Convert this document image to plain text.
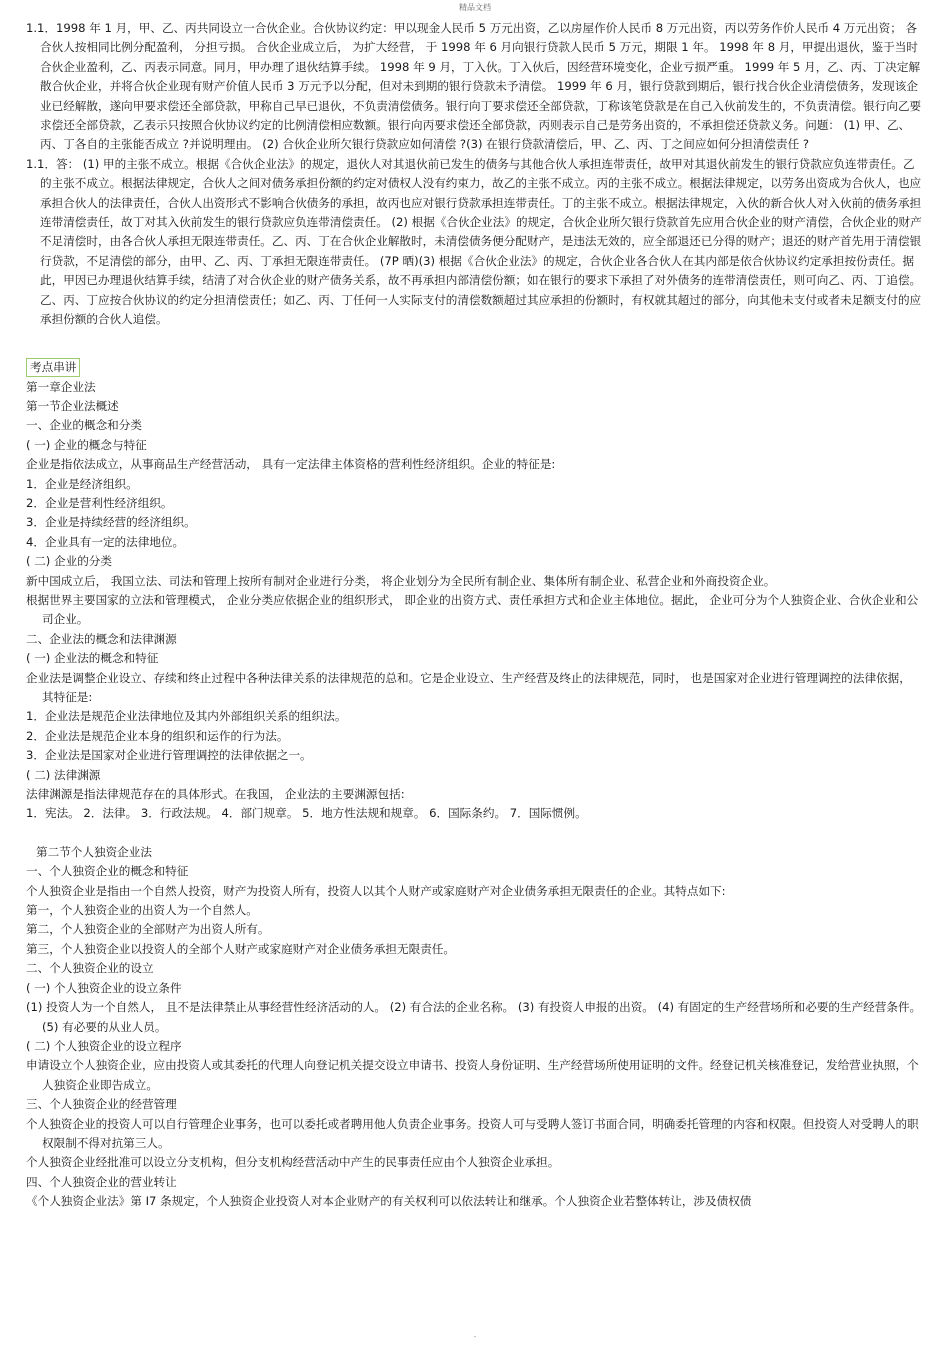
精品文档

1.1．1998 年 1 月，甲、乙、丙共同设立一合伙企业。合伙协议约定：甲以现金人民币 5 万元出资，乙以房屋作价人民币 8 万元出资，丙以劳务作价人民币 4 万元出资； 各合伙人按相同比例分配盈利， 分担亏损。 合伙企业成立后， 为扩大经营， 于 1998 年 6 月向银行贷款人民币 5 万元，期限 1 年。 1998 年 8 月，甲提出退伙，鉴于当时合伙企业盈利，乙、丙表示同意。同月，甲办理了退伙结算手续。 1998 年 9 月，丁入伙。丁入伙后，因经营环境变化，企业亏损严重。 1999 年 5 月，乙、丙、丁决定解散合伙企业，并将合伙企业现有财产价值人民币 3 万元予以分配，但对未到期的银行贷款未予清偿。 1999 年 6 月，银行贷款到期后，银行找合伙企业清偿债务，发现该企业已经解散，遂向甲要求偿还全部贷款，甲称自己早已退伙，不负责清偿债务。银行向丁要求偿还全部贷款，丁称该笔贷款是在自己入伙前发生的，不负责清偿。银行向乙要求偿还全部贷款，乙表示只按照合伙协议约定的比例清偿相应数额。银行向丙要求偿还全部贷款，丙则表示自己是劳务出资的，不承担偿还贷款义务。问题： (1) 甲、乙、丙、丁各自的主张能否成立 ?并说明理由。 (2) 合伙企业所欠银行贷款应如何清偿 ?(3) 在银行贷款清偿后，甲、乙、丙、丁之间应如何分担清偿责任 ?

1.1．答： (1) 甲的主张不成立。根据《合伙企业法》的规定，退伙人对其退伙前已发生的债务与其他合伙人承担连带责任，故甲对其退伙前发生的银行贷款应负连带责任。乙的主张不成立。根据法律规定，合伙人之间对债务承担份额的约定对债权人没有约束力，故乙的主张不成立。丙的主张不成立。根据法律规定，以劳务出资成为合伙人，也应承担合伙人的法律责任，合伙人出资形式不影响合伙债务的承担，故丙也应对银行贷款承担连带责任。丁的主张不成立。根据法律规定，入伙的新合伙人对入伙前的债务承担连带清偿责任，故丁对其入伙前发生的银行贷款应负连带清偿责任。 (2) 根据《合伙企业法》的规定，合伙企业所欠银行贷款首先应用合伙企业的财产清偿，合伙企业的财产不足清偿时，由各合伙人承担无限连带责任。乙、丙、丁在合伙企业解散时，未清偿债务便分配财产，是违法无效的，应全部退还已分得的财产；退还的财产首先用于清偿银行贷款，不足清偿的部分，由甲、乙、丙、丁承担无限连带责任。 (7P 晒)(3) 根据《合伙企业法》的规定，合伙企业各合伙人在其内部是依合伙协议约定承担按份责任。据此，甲因已办理退伙结算手续，结清了对合伙企业的财产债务关系，故不再承担内部清偿份额；如在银行的要求下承担了对外债务的连带清偿责任，则可向乙、丙、丁追偿。乙、丙、丁应按合伙协议的约定分担清偿责任；如乙、丙、丁任何一人实际支付的清偿数额超过其应承担的份额时，有权就其超过的部分，向其他未支付或者未足额支付的应承担份额的合伙人追偿。

考点串讲

第一章企业法

第一节企业法概述

一、企业的概念和分类

( 一) 企业的概念与特征

企业是指依法成立，从事商品生产经营活动， 具有一定法律主体资格的营利性经济组织。企业的特征是:

1．企业是经济组织。

2．企业是营利性经济组织。

3．企业是持续经营的经济组织。

4．企业具有一定的法律地位。

( 二) 企业的分类

新中国成立后， 我国立法、司法和管理上按所有制对企业进行分类， 将企业划分为全民所有制企业、集体所有制企业、私营企业和外商投资企业。

根据世界主要国家的立法和管理模式， 企业分类应依据企业的组织形式， 即企业的出资方式、责任承担方式和企业主体地位。据此， 企业可分为个人独资企业、合伙企业和公司企业。

二、企业法的概念和法律渊源

( 一) 企业法的概念和特征

企业法是调整企业设立、存续和终止过程中各种法律关系的法律规范的总和。它是企业设立、生产经营及终止的法律规范，同时， 也是国家对企业进行管理调控的法律依据， 其特征是:

1．企业法是规范企业法律地位及其内外部组织关系的组织法。

2．企业法是规范企业本身的组织和运作的行为法。

3．企业法是国家对企业进行管理调控的法律依据之一。

( 二) 法律渊源

法律渊源是指法律规范存在的具体形式。在我国， 企业法的主要渊源包括:

1．宪法。 2．法律。 3．行政法规。 4．部门规章。 5．地方性法规和规章。 6．国际条约。 7．国际惯例。

第二节个人独资企业法

一、个人独资企业的概念和特征

个人独资企业是指由一个自然人投资，财产为投资人所有，投资人以其个人财产或家庭财产对企业债务承担无限责任的企业。其特点如下:

第一，个人独资企业的出资人为一个自然人。

第二，个人独资企业的全部财产为出资人所有。

第三，个人独资企业以投资人的全部个人财产或家庭财产对企业债务承担无限责任。

二、个人独资企业的设立

( 一) 个人独资企业的设立条件

(1) 投资人为一个自然人， 且不是法律禁止从事经营性经济活动的人。 (2) 有合法的企业名称。 (3) 有投资人申报的出资。 (4) 有固定的生产经营场所和必要的生产经营条件。 (5) 有必要的从业人员。

( 二) 个人独资企业的设立程序

申请设立个人独资企业，应由投资人或其委托的代理人向登记机关提交设立申请书、投资人身份证明、生产经营场所使用证明的文件。经登记机关核准登记，发给营业执照，个人独资企业即告成立。

三、个人独资企业的经营管理

个人独资企业的投资人可以自行管理企业事务，也可以委托或者聘用他人负责企业事务。投资人可与受聘人签订书面合同，明确委托管理的内容和权限。但投资人对受聘人的职权限制不得对抗第三人。

个人独资企业经批准可以设立分支机构，但分支机构经营活动中产生的民事责任应由个人独资企业承担。

四、个人独资企业的营业转让

《个人独资企业法》第 I7 条规定，个人独资企业投资人对本企业财产的有关权利可以依法转让和继承。个人独资企业若整体转让，涉及债权债

-
